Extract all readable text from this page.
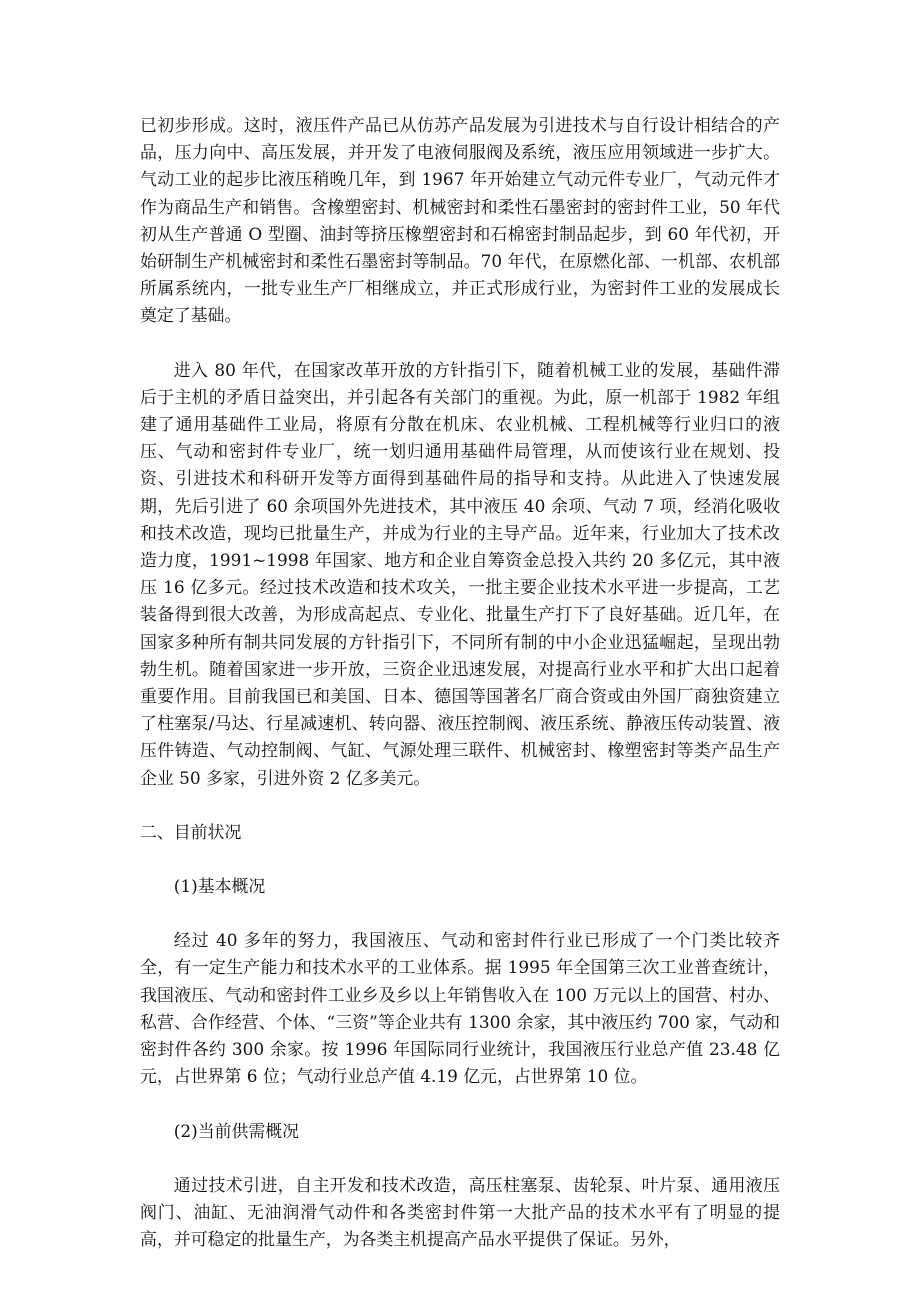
已初步形成。这时，液压件产品已从仿苏产品发展为引进技术与自行设计相结合的产品，压力向中、高压发展，并开发了电液伺服阀及系统，液压应用领域进一步扩大。气动工业的起步比液压稍晚几年，到 1967 年开始建立气动元件专业厂，气动元件才作为商品生产和销售。含橡塑密封、机械密封和柔性石墨密封的密封件工业，50 年代初从生产普通 O 型圈、油封等挤压橡塑密封和石棉密封制品起步，到 60 年代初，开始研制生产机械密封和柔性石墨密封等制品。70 年代，在原燃化部、一机部、农机部所属系统内，一批专业生产厂相继成立，并正式形成行业，为密封件工业的发展成长奠定了基础。

进入 80 年代，在国家改革开放的方针指引下，随着机械工业的发展，基础件滞后于主机的矛盾日益突出，并引起各有关部门的重视。为此，原一机部于 1982 年组建了通用基础件工业局，将原有分散在机床、农业机械、工程机械等行业归口的液压、气动和密封件专业厂，统一划归通用基础件局管理，从而使该行业在规划、投资、引进技术和科研开发等方面得到基础件局的指导和支持。从此进入了快速发展期，先后引进了 60 余项国外先进技术，其中液压 40 余项、气动 7 项，经消化吸收和技术改造，现均已批量生产，并成为行业的主导产品。近年来，行业加大了技术改造力度，1991~1998 年国家、地方和企业自筹资金总投入共约 20 多亿元，其中液压 16 亿多元。经过技术改造和技术攻关，一批主要企业技术水平进一步提高，工艺装备得到很大改善，为形成高起点、专业化、批量生产打下了良好基础。近几年，在国家多种所有制共同发展的方针指引下，不同所有制的中小企业迅猛崛起，呈现出勃勃生机。随着国家进一步开放，三资企业迅速发展，对提高行业水平和扩大出口起着重要作用。目前我国已和美国、日本、德国等国著名厂商合资或由外国厂商独资建立了柱塞泵/马达、行星减速机、转向器、液压控制阀、液压系统、静液压传动装置、液压件铸造、气动控制阀、气缸、气源处理三联件、机械密封、橡塑密封等类产品生产企业 50 多家，引进外资 2 亿多美元。

二、目前状况

(1)基本概况

经过 40 多年的努力，我国液压、气动和密封件行业已形成了一个门类比较齐全，有一定生产能力和技术水平的工业体系。据 1995 年全国第三次工业普查统计，我国液压、气动和密封件工业乡及乡以上年销售收入在 100 万元以上的国营、村办、私营、合作经营、个体、“三资”等企业共有 1300 余家，其中液压约 700 家，气动和密封件各约 300 余家。按 1996 年国际同行业统计，我国液压行业总产值 23.48 亿元，占世界第 6 位；气动行业总产值 4.19 亿元，占世界第 10 位。

(2)当前供需概况

通过技术引进，自主开发和技术改造，高压柱塞泵、齿轮泵、叶片泵、通用液压阀门、油缸、无油润滑气动件和各类密封件第一大批产品的技术水平有了明显的提高，并可稳定的批量生产，为各类主机提高产品水平提供了保证。另外，
